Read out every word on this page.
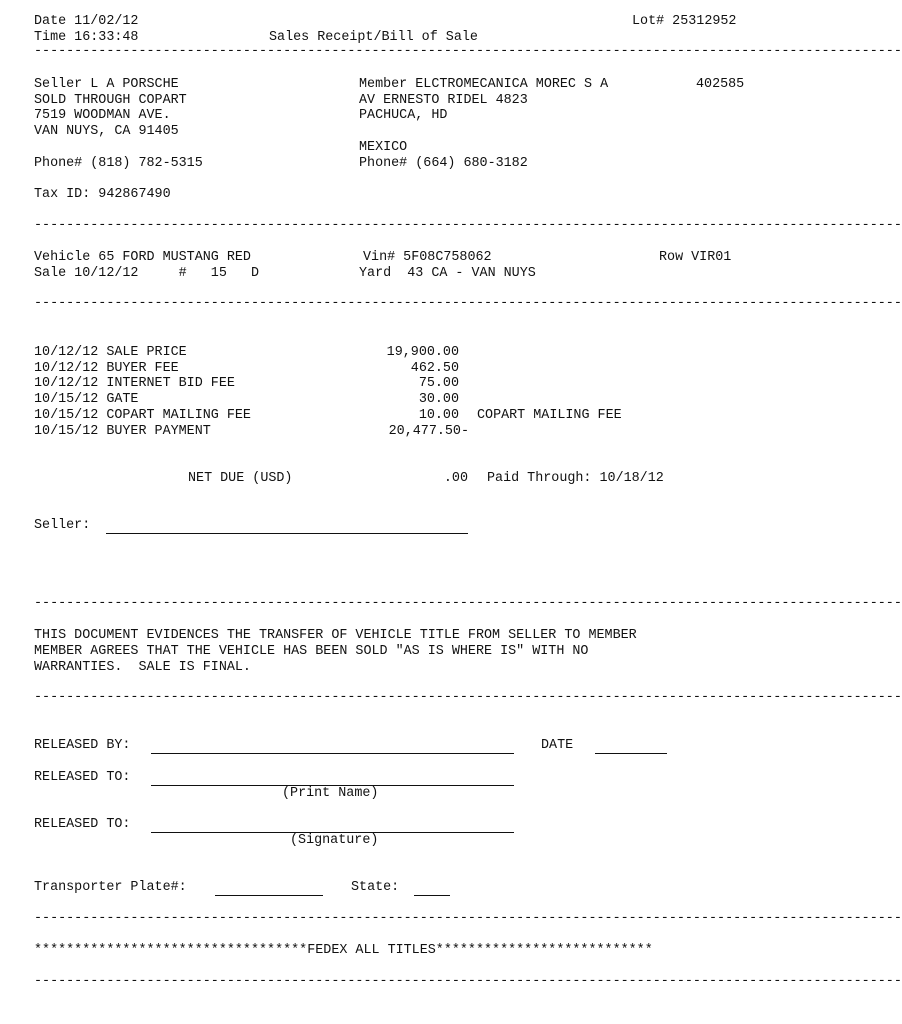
Date 11/02/12
Time 16:33:48	Sales Receipt/Bill of Sale
Lot# 25312952
------------------------------------------------------------------------------------------------------------
Seller L A PORSCHE
SOLD THROUGH COPART
7519 WOODMAN AVE.
VAN NUYS, CA 91405
Phone# (818) 782-5315
Tax ID: 942867490
Member ELCTROMECANICA MOREC S A	402585
AV ERNESTO RIDEL 4823
PACHUCA, HD
MEXICO
Phone# (664) 680-3182
------------------------------------------------------------------------------------------------------------
Vehicle 65 FORD MUSTANG RED	Vin# 5F08C758062	Row VIR01
Sale 10/12/12     #   15   D	Yard  43 CA - VAN NUYS
------------------------------------------------------------------------------------------------------------
10/12/12 SALE PRICE	19,900.00
10/12/12 BUYER FEE	462.50
10/12/12 INTERNET BID FEE	75.00
10/15/12 GATE	30.00
10/15/12 COPART MAILING FEE	10.00 COPART MAILING FEE
10/15/12 BUYER PAYMENT	20,477.50-
NET DUE (USD)	.00 Paid Through: 10/18/12
Seller:
------------------------------------------------------------------------------------------------------------
THIS DOCUMENT EVIDENCES THE TRANSFER OF VEHICLE TITLE FROM SELLER TO MEMBER
MEMBER AGREES THAT THE VEHICLE HAS BEEN SOLD "AS IS WHERE IS" WITH NO
WARRANTIES.  SALE IS FINAL.
------------------------------------------------------------------------------------------------------------
RELEASED BY:	DATE
RELEASED TO:
(Print Name)
RELEASED TO:
(Signature)
Transporter Plate#:	State:
------------------------------------------------------------------------------------------------------------
**********************************FEDEX ALL TITLES***************************
------------------------------------------------------------------------------------------------------------
